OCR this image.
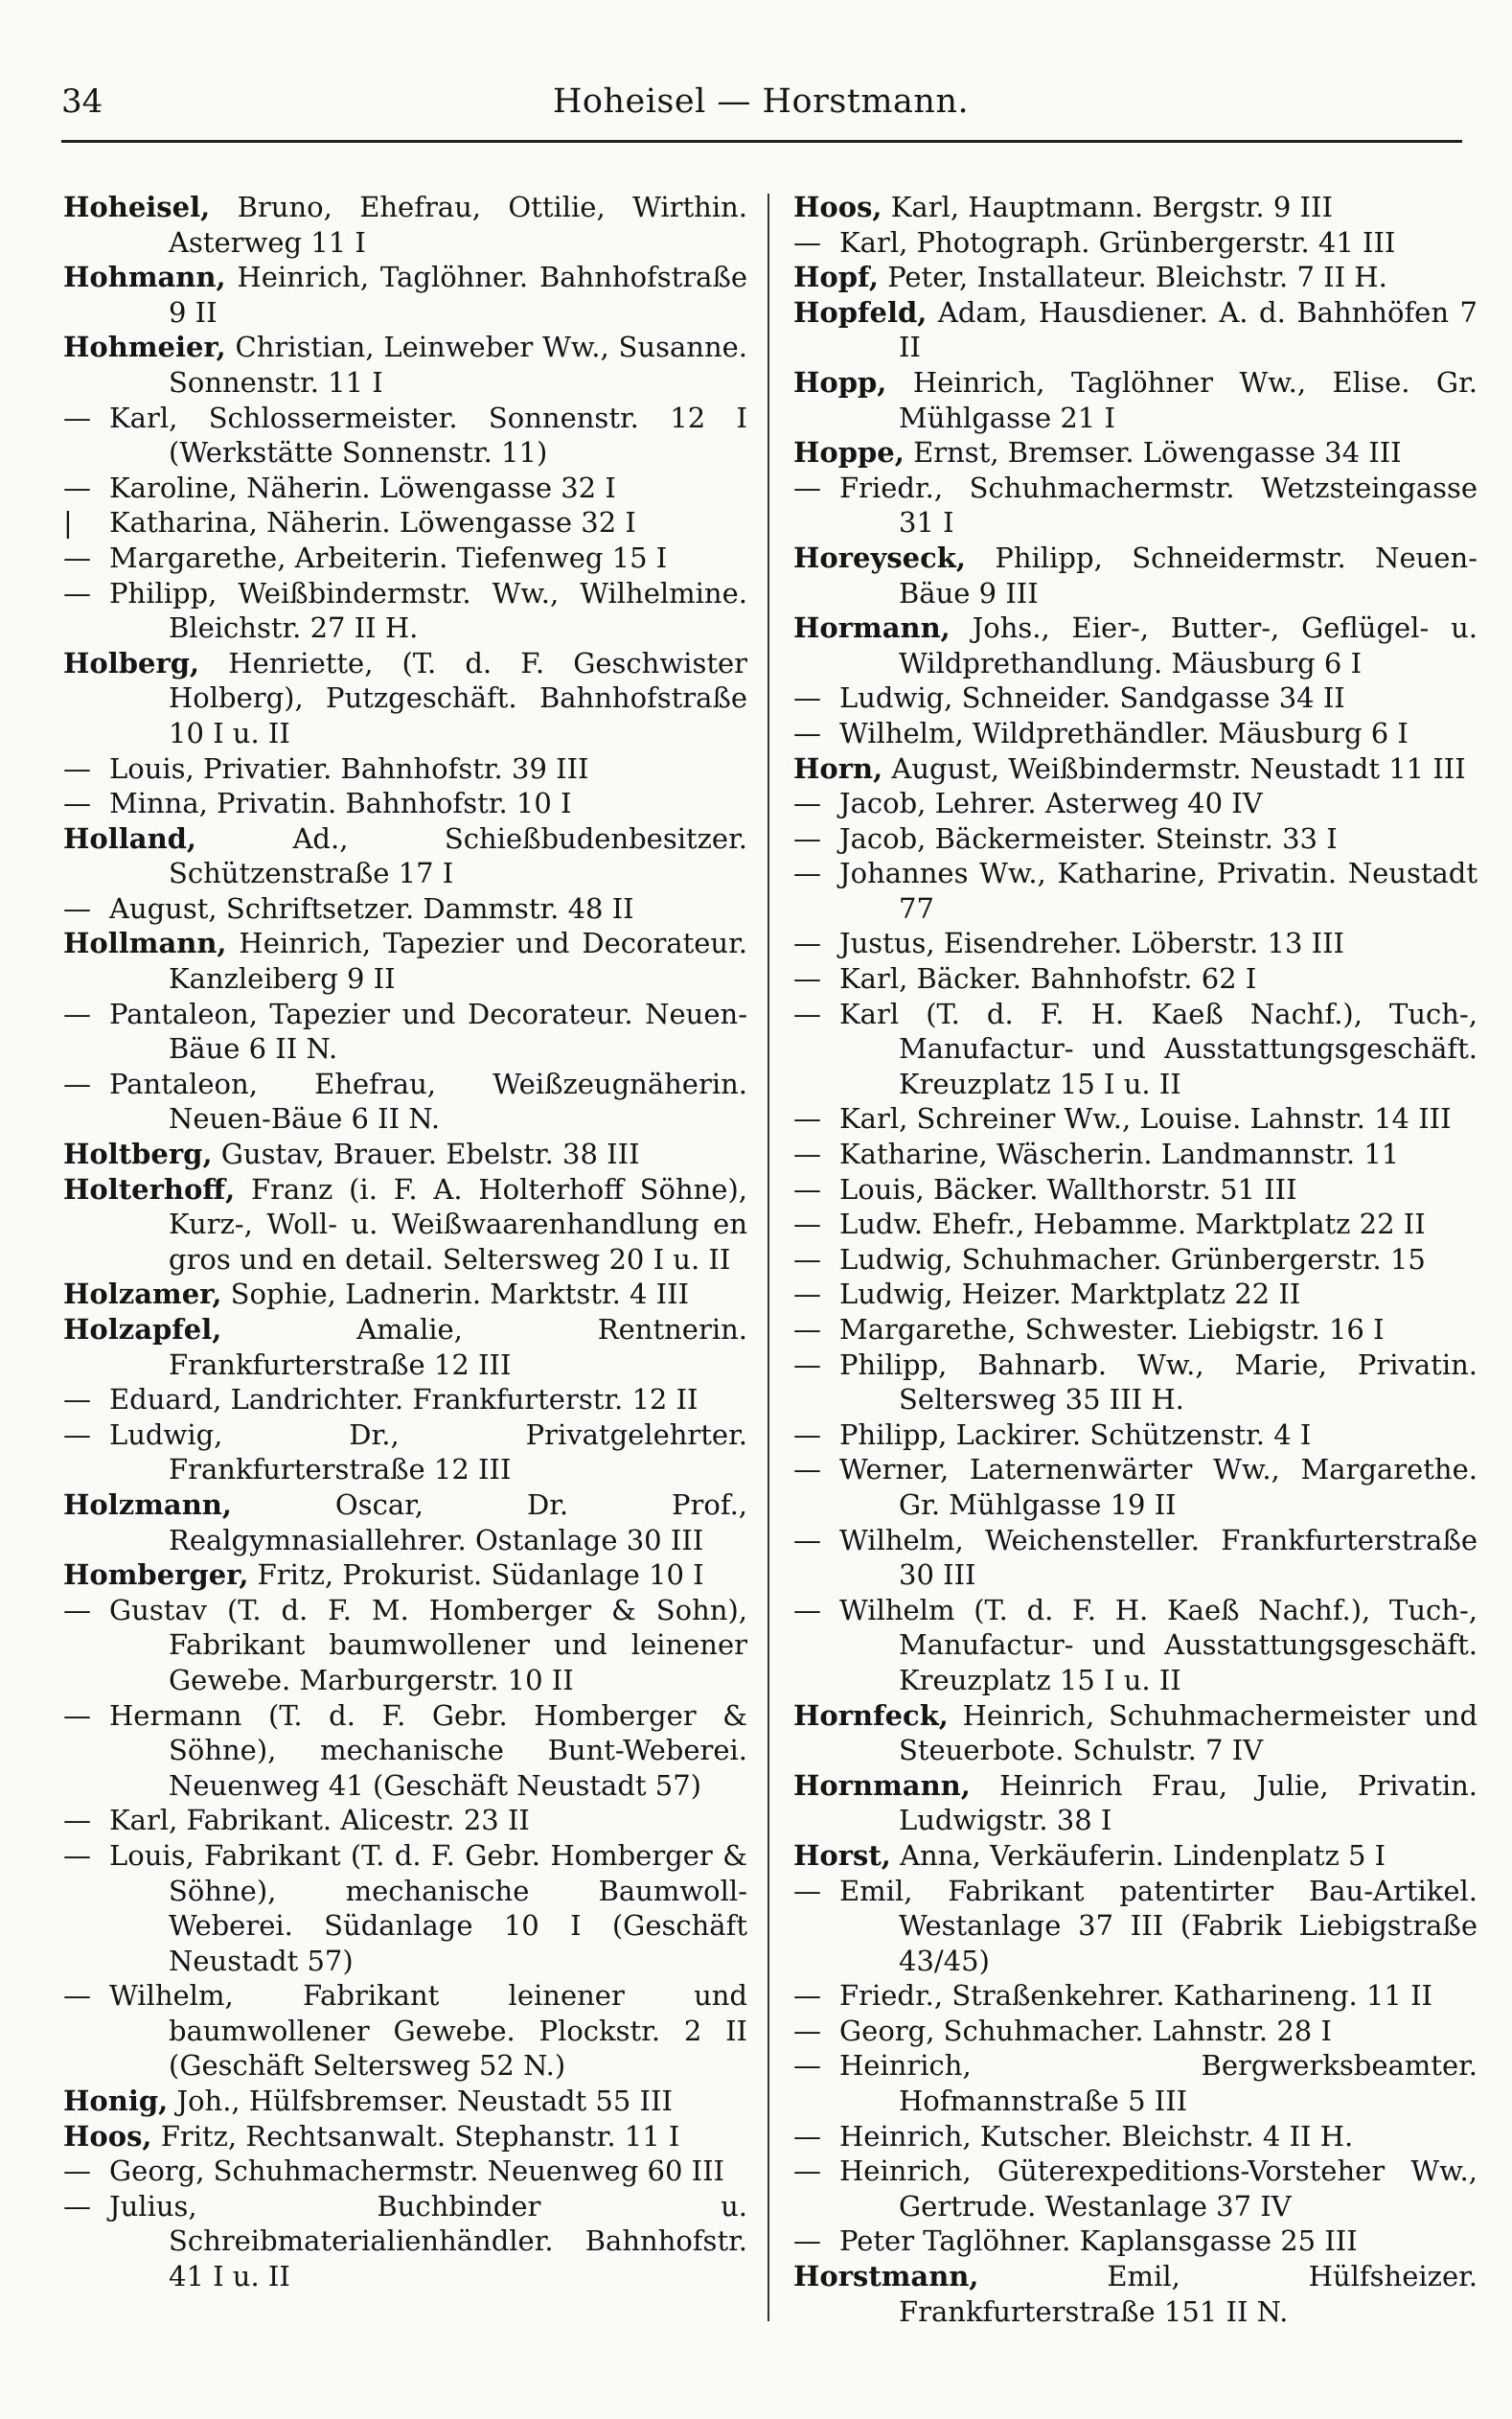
34	Hoheisel — Horstmann.

Hoheisel, Bruno, Ehefrau, Ottilie, Wirthin. Asterweg 11 I

Hohmann, Heinrich, Taglöhner. Bahnhofstraße 9 II

Hohmeier, Christian, Leinweber Ww., Susanne. Sonnenstr. 11 I

— Karl, Schlossermeister. Sonnenstr. 12 I (Werkstätte Sonnenstr. 11)

— Karoline, Näherin. Löwengasse 32 I

| Katharina, Näherin. Löwengasse 32 I

— Margarethe, Arbeiterin. Tiefenweg 15 I

— Philipp, Weißbindermstr. Ww., Wilhelmine. Bleichstr. 27 II H.

Holberg, Henriette, (T. d. F. Geschwister Holberg), Putzgeschäft. Bahnhofstraße 10 I u. II

— Louis, Privatier. Bahnhofstr. 39 III

— Minna, Privatin. Bahnhofstr. 10 I

Holland,	Ad., Schießbudenbesitzer. Schützenstraße 17 I

— August, Schriftsetzer. Dammstr. 48 II

Hollmann, Heinrich, Tapezier und Decorateur. Kanzleiberg 9 II

— Pantaleon, Tapezier und Decorateur. Neuen-Bäue 6 II N.

— Pantaleon, Ehefrau, Weißzeugnäherin. Neuen-Bäue 6 II N.

Holtberg, Gustav, Brauer. Ebelstr. 38 III

Holterhoff, Franz (i. F. A. Holterhoff Söhne), Kurz-, Woll- u. Weißwaarenhandlung en gros und en detail. Seltersweg 20 I u. II

Holzamer, Sophie, Ladnerin. Marktstr. 4 III

Holzapfel,	Amalie, Rentnerin. Frankfurterstraße 12 III

— Eduard, Landrichter. Frankfurterstr. 12 II

— Ludwig, Dr., Privatgelehrter. Frankfurterstraße 12 III

Holzmann,	Oscar, Dr. Prof., Realgymnasiallehrer. Ostanlage 30 III

Homberger, Fritz, Prokurist. Südanlage 10 I

— Gustav (T. d. F. M. Homberger & Sohn), Fabrikant baumwollener und leinener Gewebe. Marburgerstr. 10 II

— Hermann (T. d. F. Gebr. Homberger & Söhne), mechanische Bunt-Weberei. Neuenweg 41 (Geschäft Neustadt 57)

— Karl, Fabrikant. Alicestr. 23 II

— Louis, Fabrikant (T. d. F. Gebr. Homberger & Söhne), mechanische Baumwoll-Weberei. Südanlage 10 I (Geschäft Neustadt 57)

— Wilhelm, Fabrikant leinener und baumwollener Gewebe. Plockstr. 2 II (Geschäft Seltersweg 52 N.)

Honig, Joh., Hülfsbremser. Neustadt 55 III

Hoos, Fritz, Rechtsanwalt. Stephanstr. 11 I

— Georg, Schuhmachermstr. Neuenweg 60 III

— Julius, Buchbinder u. Schreibmaterialienhändler. Bahnhofstr. 41 I u. II

Hoos, Karl, Hauptmann. Bergstr. 9 III

— Karl, Photograph. Grünbergerstr. 41 III

Hopf, Peter, Installateur. Bleichstr. 7 II H.

Hopfeld, Adam, Hausdiener. A. d. Bahnhöfen 7 II

Hopp, Heinrich, Taglöhner Ww., Elise. Gr. Mühlgasse 21 I

Hoppe, Ernst, Bremser. Löwengasse 34 III

— Friedr., Schuhmachermstr. Wetzsteingasse 31 I

Horeyseck, Philipp, Schneidermstr. Neuen-Bäue 9 III

Hormann, Johs., Eier-, Butter-, Geflügel- u. Wildprethandlung. Mäusburg 6 I

— Ludwig, Schneider. Sandgasse 34 II

— Wilhelm, Wildprethändler. Mäusburg 6 I

Horn, August, Weißbindermstr. Neustadt 11 III

— Jacob, Lehrer. Asterweg 40 IV

— Jacob, Bäckermeister. Steinstr. 33 I

— Johannes Ww., Katharine, Privatin. Neustadt 77

— Justus, Eisendreher. Löberstr. 13 III

— Karl, Bäcker. Bahnhofstr. 62 I

— Karl (T. d. F. H. Kaeß Nachf.), Tuch-, Manufactur- und Ausstattungsgeschäft. Kreuzplatz 15 I u. II

— Karl, Schreiner Ww., Louise. Lahnstr. 14 III

— Katharine, Wäscherin. Landmannstr. 11

— Louis, Bäcker. Wallthorstr. 51 III

— Ludw. Ehefr., Hebamme. Marktplatz 22 II

— Ludwig, Schuhmacher. Grünbergerstr. 15

— Ludwig, Heizer. Marktplatz 22 II

— Margarethe, Schwester. Liebigstr. 16 I

— Philipp, Bahnarb. Ww., Marie, Privatin. Seltersweg 35 III H.

— Philipp, Lackirer. Schützenstr. 4 I

— Werner, Laternenwärter Ww., Margarethe. Gr. Mühlgasse 19 II

— Wilhelm, Weichensteller. Frankfurterstraße 30 III

— Wilhelm (T. d. F. H. Kaeß Nachf.), Tuch-, Manufactur- und Ausstattungsgeschäft. Kreuzplatz 15 I u. II

Hornfeck, Heinrich, Schuhmachermeister und Steuerbote. Schulstr. 7 IV

Hornmann, Heinrich Frau, Julie, Privatin. Ludwigstr. 38 I

Horst, Anna, Verkäuferin. Lindenplatz 5 I

— Emil, Fabrikant patentirter Bau-Artikel. Westanlage 37 III (Fabrik Liebigstraße 43/45)

— Friedr., Straßenkehrer. Katharineng. 11 II

— Georg, Schuhmacher. Lahnstr. 28 I

— Heinrich, Bergwerksbeamter. Hofmannstraße 5 III

— Heinrich, Kutscher. Bleichstr. 4 II H.

— Heinrich, Güterexpeditions-Vorsteher Ww., Gertrude. Westanlage 37 IV

— Peter Taglöhner. Kaplansgasse 25 III

Horstmann,	Emil, Hülfsheizer. Frankfurterstraße 151 II N.
